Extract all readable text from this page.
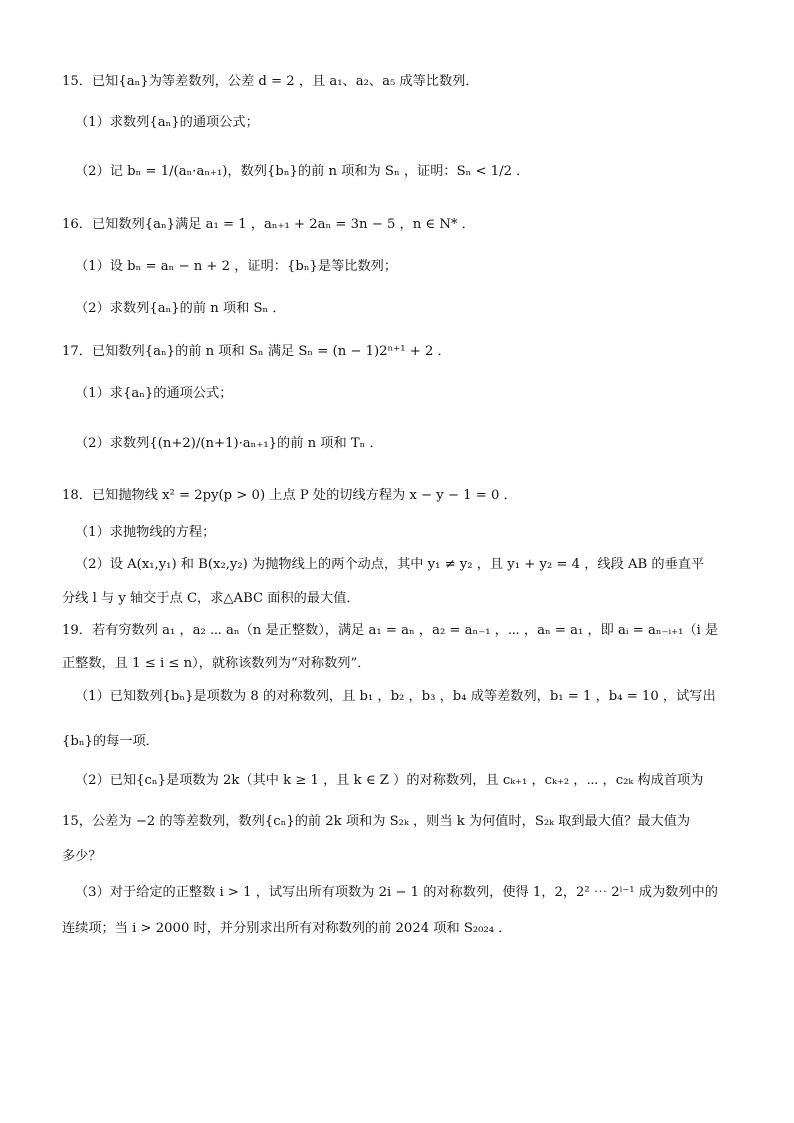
15．已知{aₙ}为等差数列，公差 d = 2 ，且 a₁、a₂、a₅ 成等比数列．
（1）求数列{aₙ}的通项公式；
（2）记 bₙ = 1/(aₙ·aₙ₊₁)，数列{bₙ}的前 n 项和为 Sₙ ，证明：Sₙ < 1/2 ．
16．已知数列{aₙ}满足 a₁ = 1 ，aₙ₊₁ + 2aₙ = 3n − 5 ，n ∈ N* ．
（1）设 bₙ = aₙ − n + 2 ，证明：{bₙ}是等比数列；
（2）求数列{aₙ}的前 n 项和 Sₙ ．
17．已知数列{aₙ}的前 n 项和 Sₙ 满足 Sₙ = (n − 1)2ⁿ⁺¹ + 2 ．
（1）求{aₙ}的通项公式；
（2）求数列{(n+2)/(n+1)·aₙ₊₁}的前 n 项和 Tₙ ．
18．已知抛物线 x² = 2py(p > 0) 上点 P 处的切线方程为 x − y − 1 = 0 ．
（1）求抛物线的方程；
（2）设 A(x₁,y₁) 和 B(x₂,y₂) 为抛物线上的两个动点，其中 y₁ ≠ y₂ ，且 y₁ + y₂ = 4 ，线段 AB 的垂直平
分线 l 与 y 轴交于点 C，求△ABC 面积的最大值．
19．若有穷数列 a₁ ，a₂ ⋯ aₙ（n 是正整数），满足 a₁ = aₙ ，a₂ = aₙ₋₁ ，⋯ ，aₙ = a₁ ，即 aᵢ = aₙ₋ᵢ₊₁（i 是
正整数，且 1 ≤ i ≤ n），就称该数列为“对称数列”．
（1）已知数列{bₙ}是项数为 8 的对称数列，且 b₁ ，b₂ ，b₃ ，b₄ 成等差数列，b₁ = 1 ，b₄ = 10 ，试写出
{bₙ}的每一项．
（2）已知{cₙ}是项数为 2k（其中 k ≥ 1 ，且 k ∈ Z ）的对称数列，且 cₖ₊₁ ，cₖ₊₂ ，⋯ ，c₂ₖ 构成首项为
15，公差为 −2 的等差数列，数列{cₙ}的前 2k 项和为 S₂ₖ ，则当 k 为何值时，S₂ₖ 取到最大值？最大值为
多少？
（3）对于给定的正整数 i > 1 ，试写出所有项数为 2i − 1 的对称数列，使得 1，2，2² ⋯ 2ⁱ⁻¹ 成为数列中的
连续项；当 i > 2000 时，并分别求出所有对称数列的前 2024 项和 S₂₀₂₄ ．
